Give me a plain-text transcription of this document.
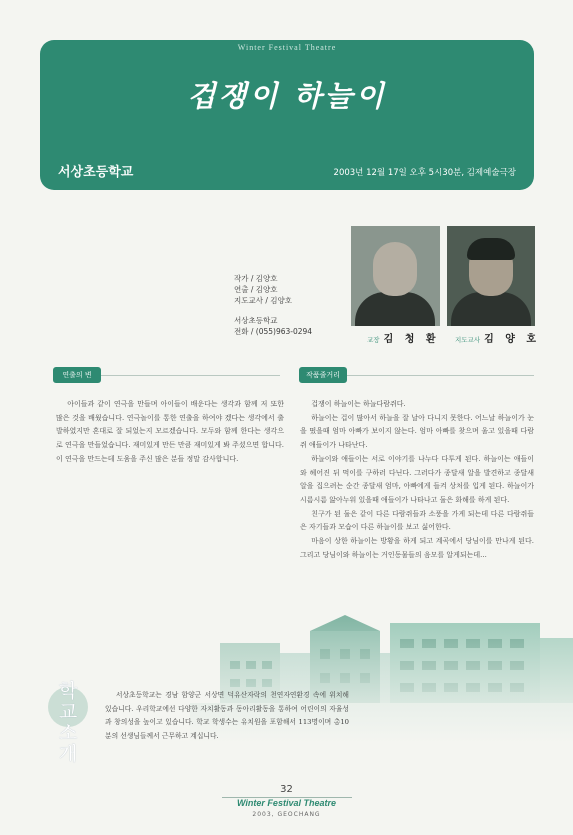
Winter Festival Theatre
겁쟁이 하늘이
서상초등학교	2003년 12월 17일 오후 5시30분, 김제예술극장
작가 / 김양호
연출 / 김양호
지도교사 / 김양호
서상초등학교
전화 / (055)963-0294
교장 김 청 환 지도교사 김 양 호
연출의 변	작품줄거리
아이들과 같이 연극을 만들며 아이들이 배운다는 생각과 함께 저 또한 많은 것을 배웠습니다. 연극놀이를 통한 연출을 하여야 겠다는 생각에서 출발하였지만 혼대로 잘 되었는지 모르겠습니다. 모두와 함께 한다는 생각으로 연극을 만들었습니다. 재미있게 만든 만큼 재미있게 봐 주셨으면 합니다. 이 연극을 만드는데 도움을 주신 많은 분들 정말 감사합니다.

겁쟁이 하늘이는 하늘다람쥐다.

하늘이는 겁이 많아서 하늘을 잘 날아 다니지 못한다. 어느날 하늘이가 눈을 떴을때 엄마 아빠가 보이지 않는다. 엄마 아빠를 찾으며 울고 있을때 다람쥐 애들이가 나타난다.

하늘이와 애들이는 서로 이야기를 나누다 다투게 된다. 하늘이는 애들이와 헤어진 뒤 먹이를 구하러 다닌다. 그러다가 종달새 알을 발견하고 종달새 알을 집으려는 순간 종달새 엄마, 아빠에게 들켜 상처를 입게 된다. 하늘이가 시름시름 앓아누워 있을때 애들이가 나타나고 둘은 화해를 하게 된다.

친구가 된 둘은 같이 다른 다람쥐들과 소풍을 가게 되는데 다른 다람쥐들은 자기들과 모습이 다른 하늘이를 보고 싫어한다.

마음이 상한 하늘이는 방황을 하게 되고 계곡에서 당님이를 만나게 된다. 그리고 당님이와 하늘이는 거인동물들의 음모를 알게되는데...

학교소개
서상초등학교는 경남 함양군 서상면 덕유산자락의 천연자연환경 속에 위치해 있습니다. 우리학교에선 다양한 자치활동과 동아리활동을 통하여 어린이의 자율성과 창의성을 높이고 있습니다. 학교 학생수는 유치원을 포함해서 113명이며 총10분의 선생님들께서 근무하고 계십니다.
32
Winter Festival Theatre
2003, GEOCHANG
